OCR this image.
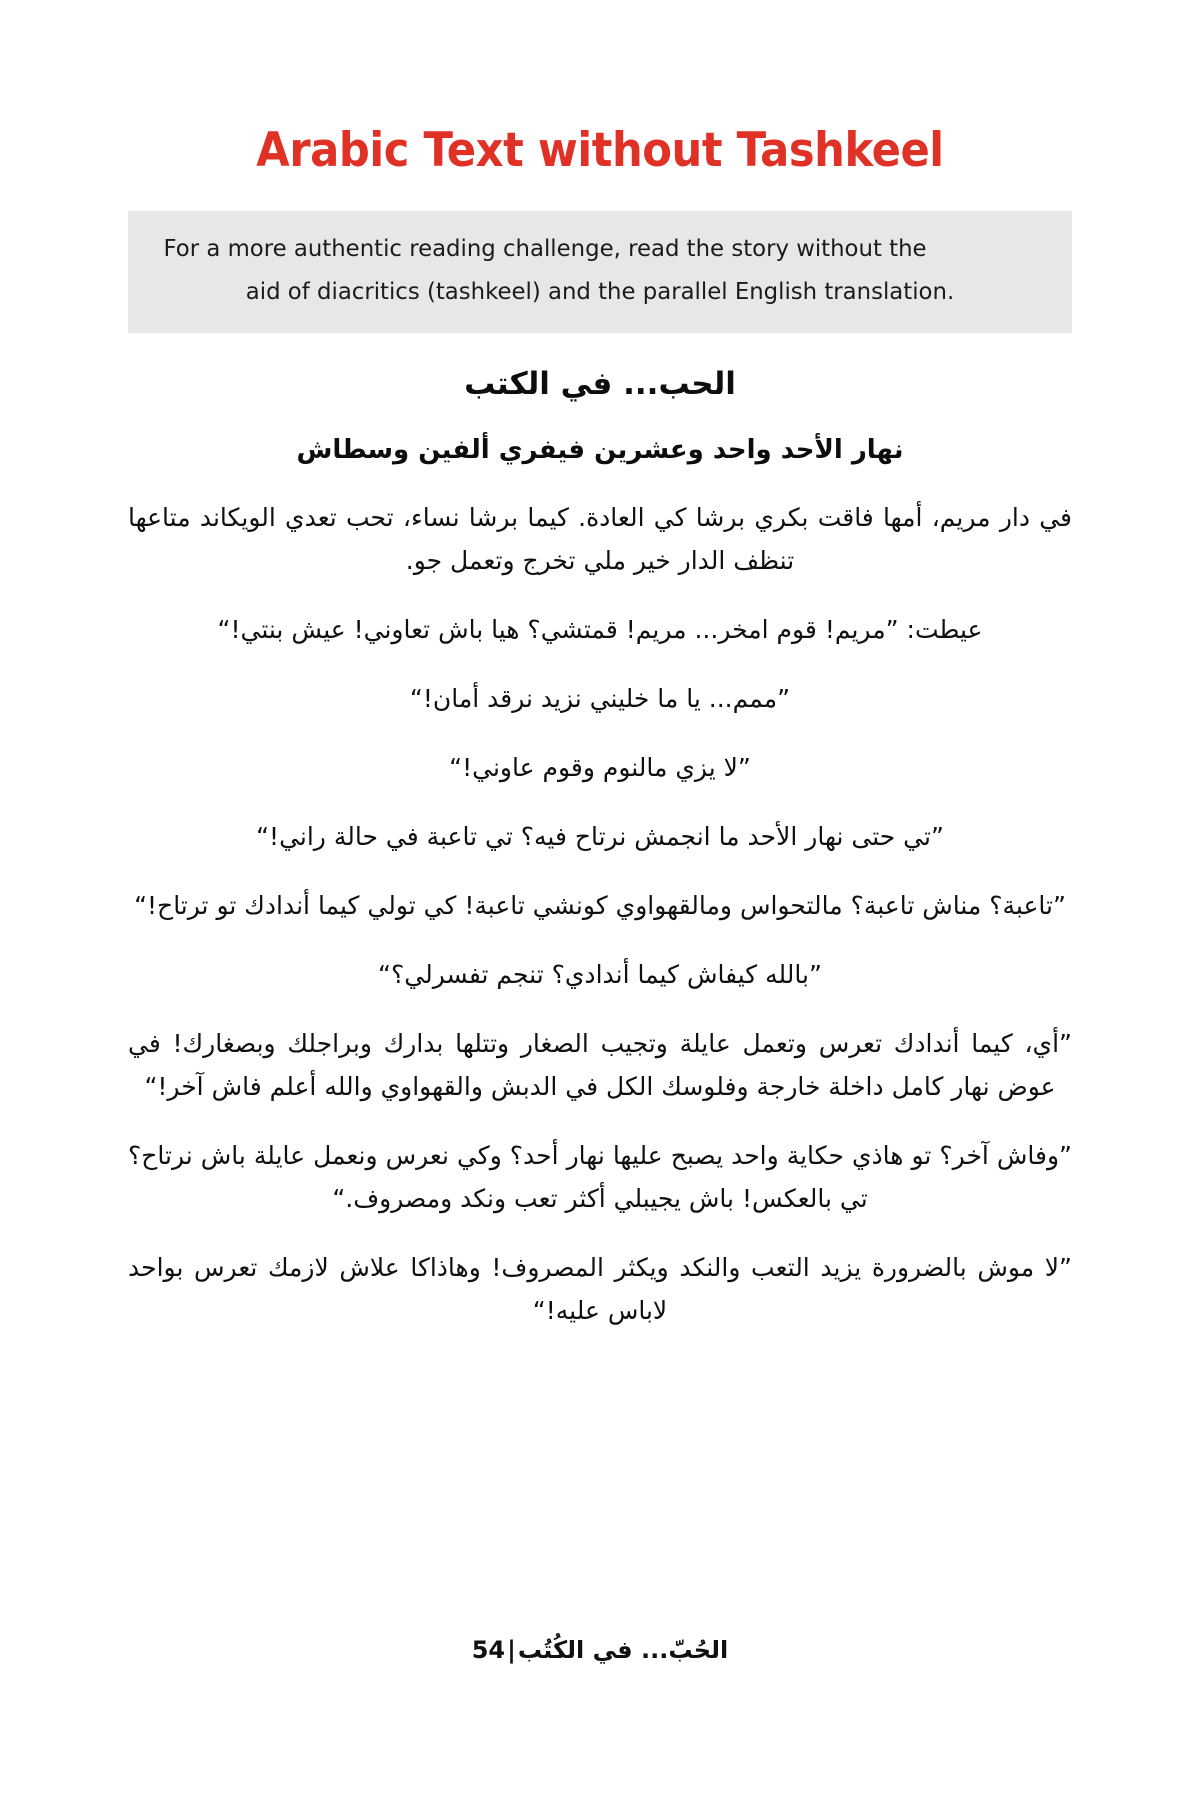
Arabic Text without Tashkeel
For a more authentic reading challenge, read the story without the
aid of diacritics (tashkeel) and the parallel English translation.
الحب... في الكتب
نهار الأحد واحد وعشرين فيفري ألفين وسطاش

في دار مريم، أمها فاقت بكري برشا كي العادة. كيما برشا نساء، تحب تعدي الويكاند متاعها تنظف الدار خير ملي تخرج وتعمل جو.

عيطت: ”مريم! قوم امخر... مريم! قمتشي؟ هيا باش تعاوني! عيش بنتي!“

”ممم... يا ما خليني نزيد نرقد أمان!“

”لا يزي مالنوم وقوم عاوني!“

”تي حتى نهار الأحد ما انجمش نرتاح فيه؟ تي تاعبة في حالة راني!“

”تاعبة؟ مناش تاعبة؟ مالتحواس ومالقهواوي كونشي تاعبة! كي تولي كيما أندادك تو ترتاح!“

”بالله كيفاش كيما أندادي؟ تنجم تفسرلي؟“

”أي، كيما أندادك تعرس وتعمل عايلة وتجيب الصغار وتتلها بدارك وبراجلك وبصغارك! في عوض نهار كامل داخلة خارجة وفلوسك الكل في الدبش والقهواوي والله أعلم فاش آخر!“

”وفاش آخر؟ تو هاذي حكاية واحد يصبح عليها نهار أحد؟ وكي نعرس ونعمل عايلة باش نرتاح؟ تي بالعكس! باش يجيبلي أكثر تعب ونكد ومصروف.“

”لا موش بالضرورة يزيد التعب والنكد ويكثر المصروف! وهاذاكا علاش لازمك تعرس بواحد لاباس عليه!“

الحب... في الكتب|54
